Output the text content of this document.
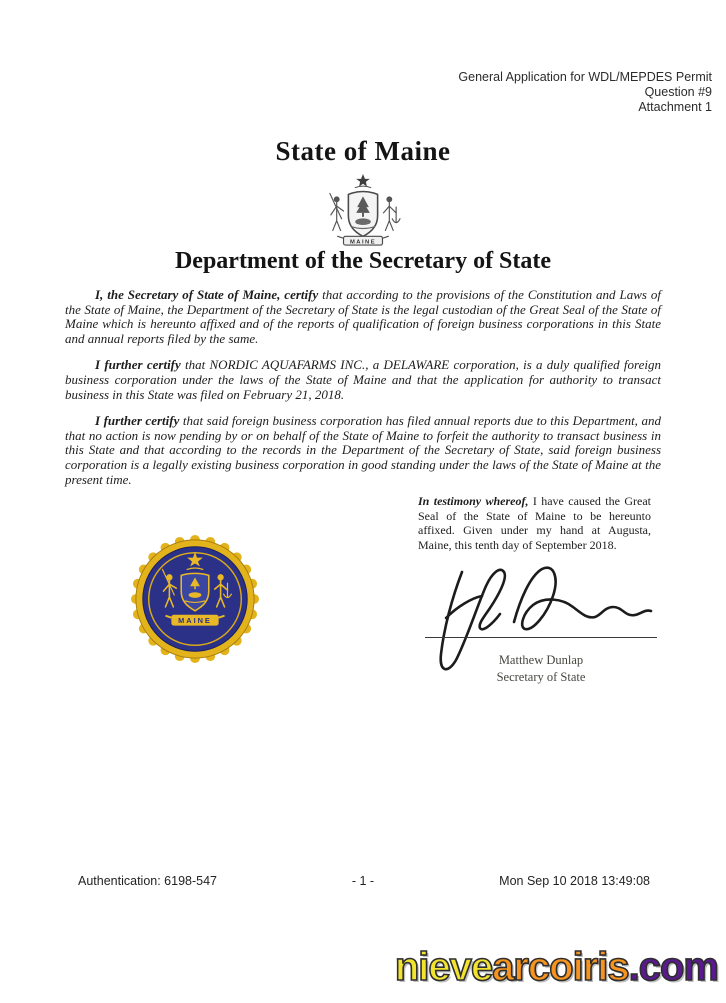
General Application for WDL/MEPDES Permit
Question #9
Attachment 1
State of Maine
MAINE
Department of the Secretary of State

I, the Secretary of State of Maine, certify that according to the provisions of the Constitution and Laws of the State of Maine, the Department of the Secretary of State is the legal custodian of the Great Seal of the State of Maine which is hereunto affixed and of the reports of qualification of foreign business corporations in this State and annual reports filed by the same.

I further certify that NORDIC AQUAFARMS INC., a DELAWARE corporation, is a duly qualified foreign business corporation under the laws of the State of Maine and that the application for authority to transact business in this State was filed on February 21, 2018.

I further certify that said foreign business corporation has filed annual reports due to this Department, and that no action is now pending by or on behalf of the State of Maine to forfeit the authority to transact business in this State and that according to the records in the Department of the Secretary of State, said foreign business corporation is a legally existing business corporation in good standing under the laws of the State of Maine at the present time.

In testimony whereof, I have caused the Great Seal of the State of Maine to be hereunto affixed. Given under my hand at Augusta, Maine, this tenth day of September 2018.
MAINE
Matthew Dunlap
Secretary of State
Authentication: 6198-547	- 1 -	Mon Sep 10 2018 13:49:08
nievearcoiris.com
